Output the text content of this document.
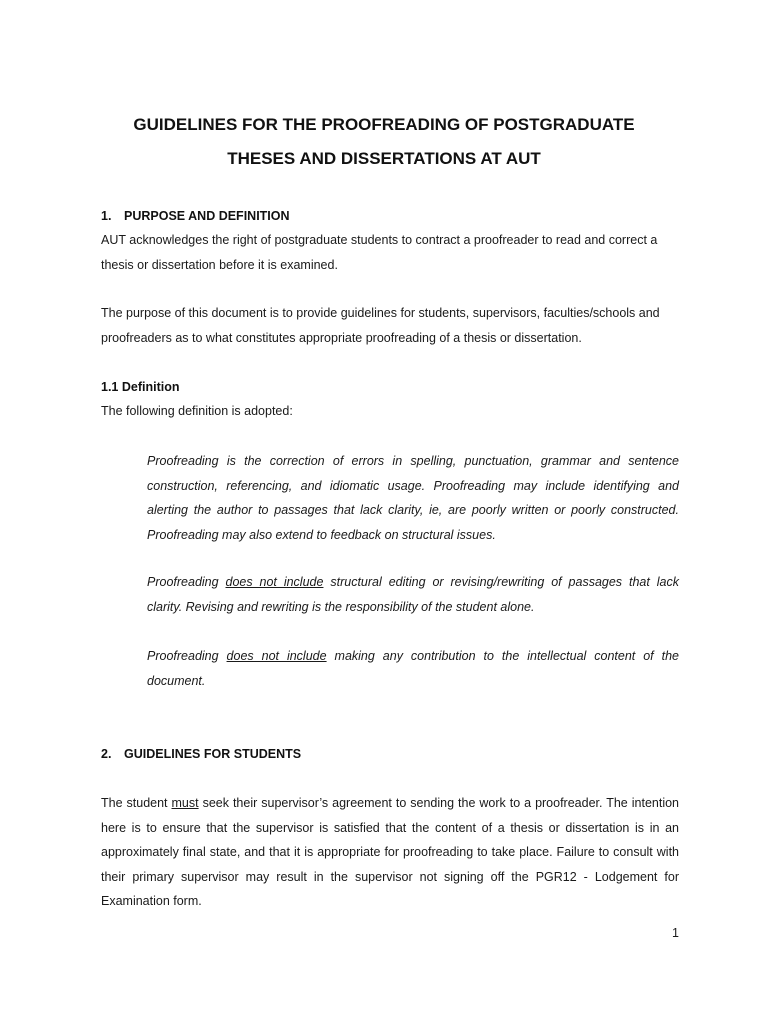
GUIDELINES FOR THE PROOFREADING OF POSTGRADUATE
THESES AND DISSERTATIONS AT AUT
1. PURPOSE AND DEFINITION
AUT acknowledges the right of postgraduate students to contract a proofreader to read and correct a thesis or dissertation before it is examined.
The purpose of this document is to provide guidelines for students, supervisors, faculties/schools and proofreaders as to what constitutes appropriate proofreading of a thesis or dissertation.
1.1 Definition
The following definition is adopted:
Proofreading is the correction of errors in spelling, punctuation, grammar and sentence construction, referencing, and idiomatic usage. Proofreading may include identifying and alerting the author to passages that lack clarity, ie, are poorly written or poorly constructed. Proofreading may also extend to feedback on structural issues.
Proofreading does not include structural editing or revising/rewriting of passages that lack clarity. Revising and rewriting is the responsibility of the student alone.
Proofreading does not include making any contribution to the intellectual content of the document.
2. GUIDELINES FOR STUDENTS
The student must seek their supervisor’s agreement to sending the work to a proofreader. The intention here is to ensure that the supervisor is satisfied that the content of a thesis or dissertation is in an approximately final state, and that it is appropriate for proofreading to take place. Failure to consult with their primary supervisor may result in the supervisor not signing off the PGR12 - Lodgement for Examination form.
1
